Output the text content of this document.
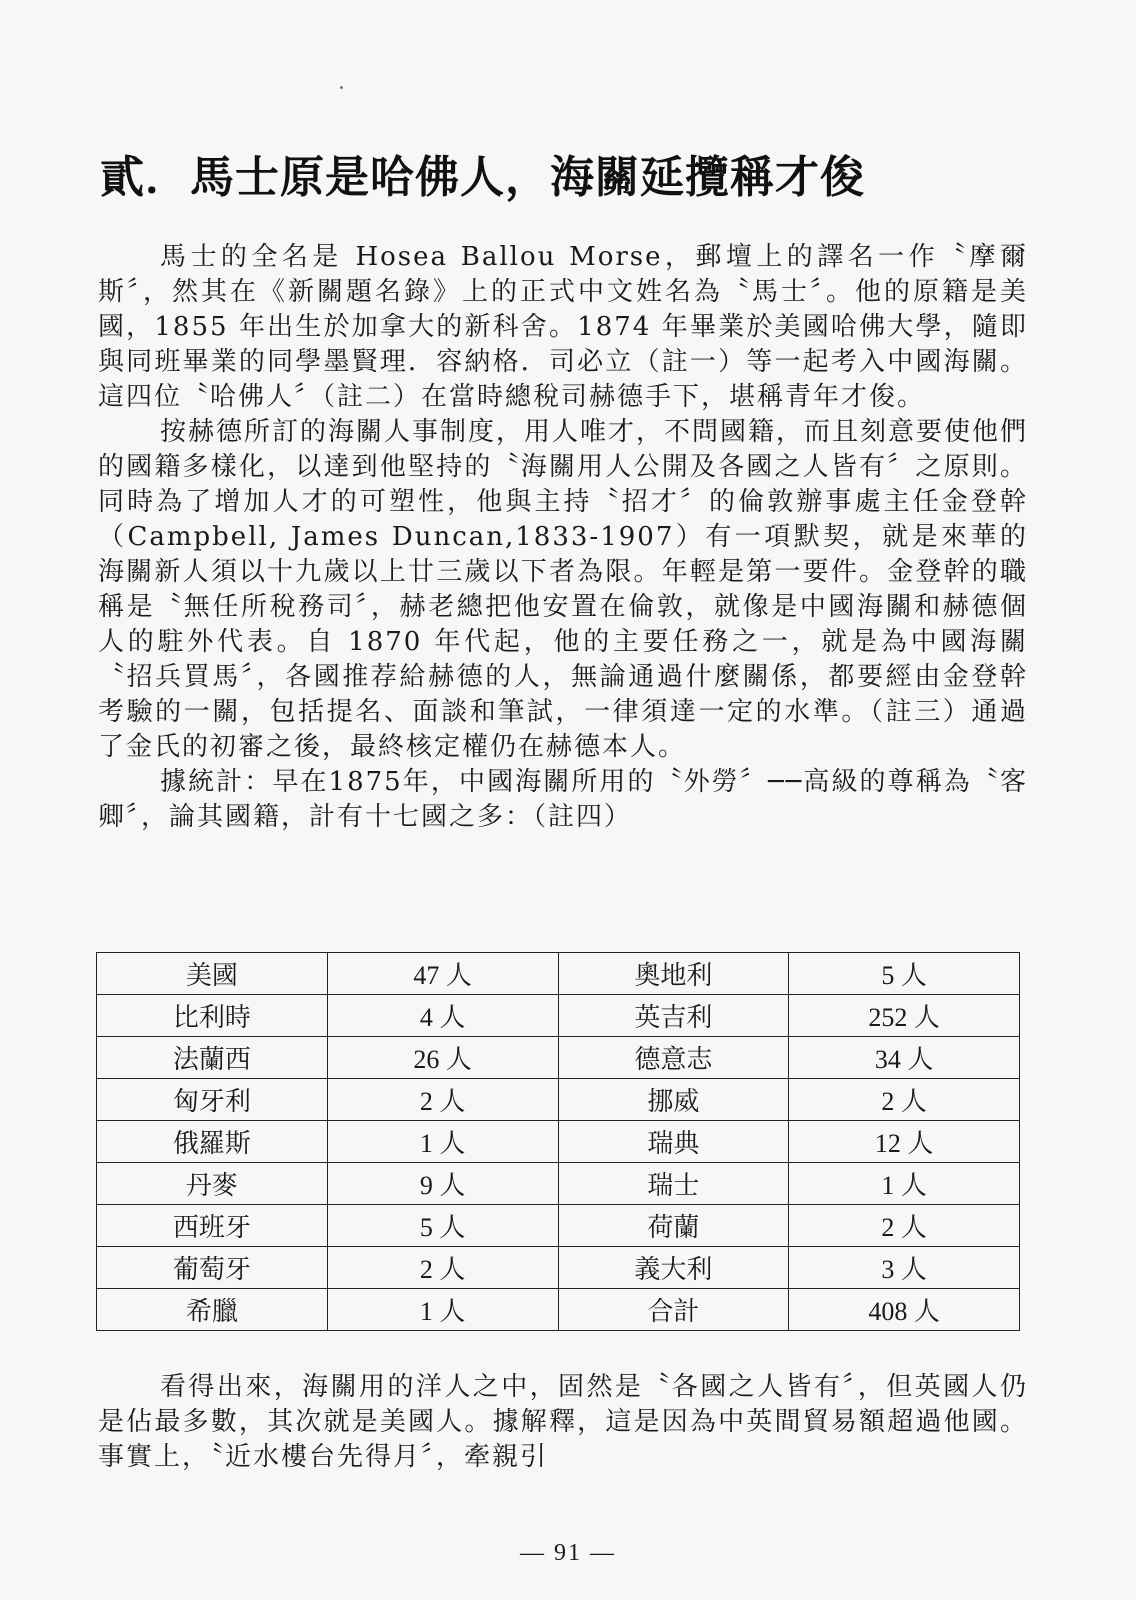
貳．馬士原是哈佛人，海關延攬稱才俊

馬士的全名是 Hosea Ballou Morse，郵壇上的譯名一作〝摩爾斯〞，然其在《新關題名錄》上的正式中文姓名為〝馬士〞。他的原籍是美國，1855 年出生於加拿大的新科舍。1874 年畢業於美國哈佛大學，隨即與同班畢業的同學墨賢理．容納格．司必立（註一）等一起考入中國海關。這四位〝哈佛人〞（註二）在當時總稅司赫德手下，堪稱青年才俊。

按赫德所訂的海關人事制度，用人唯才，不問國籍，而且刻意要使他們的國籍多樣化，以達到他堅持的〝海關用人公開及各國之人皆有〞之原則。同時為了增加人才的可塑性，他與主持〝招才〞的倫敦辦事處主任金登幹（Campbell, James Duncan,1833-1907）有一項默契，就是來華的海關新人須以十九歲以上廿三歲以下者為限。年輕是第一要件。金登幹的職稱是〝無任所稅務司〞，赫老總把他安置在倫敦，就像是中國海關和赫德個人的駐外代表。自 1870 年代起，他的主要任務之一，就是為中國海關〝招兵買馬〞，各國推荐給赫德的人，無論通過什麼關係，都要經由金登幹考驗的一關，包括提名、面談和筆試，一律須達一定的水準。（註三）通過了金氏的初審之後，最終核定權仍在赫德本人。

據統計：早在1875年，中國海關所用的〝外勞〞──高級的尊稱為〝客卿〞，論其國籍，計有十七國之多：（註四）

美國	47 人	奧地利	5 人
比利時	4 人	英吉利	252 人
法蘭西	26 人	德意志	34 人
匈牙利	2 人	挪威	2 人
俄羅斯	1 人	瑞典	12 人
丹麥	9 人	瑞士	1 人
西班牙	5 人	荷蘭	2 人
葡萄牙	2 人	義大利	3 人
希臘	1 人	合計	408 人

看得出來，海關用的洋人之中，固然是〝各國之人皆有〞，但英國人仍是佔最多數，其次就是美國人。據解釋，這是因為中英間貿易額超過他國。事實上，〝近水樓台先得月〞，牽親引

— 91 —
